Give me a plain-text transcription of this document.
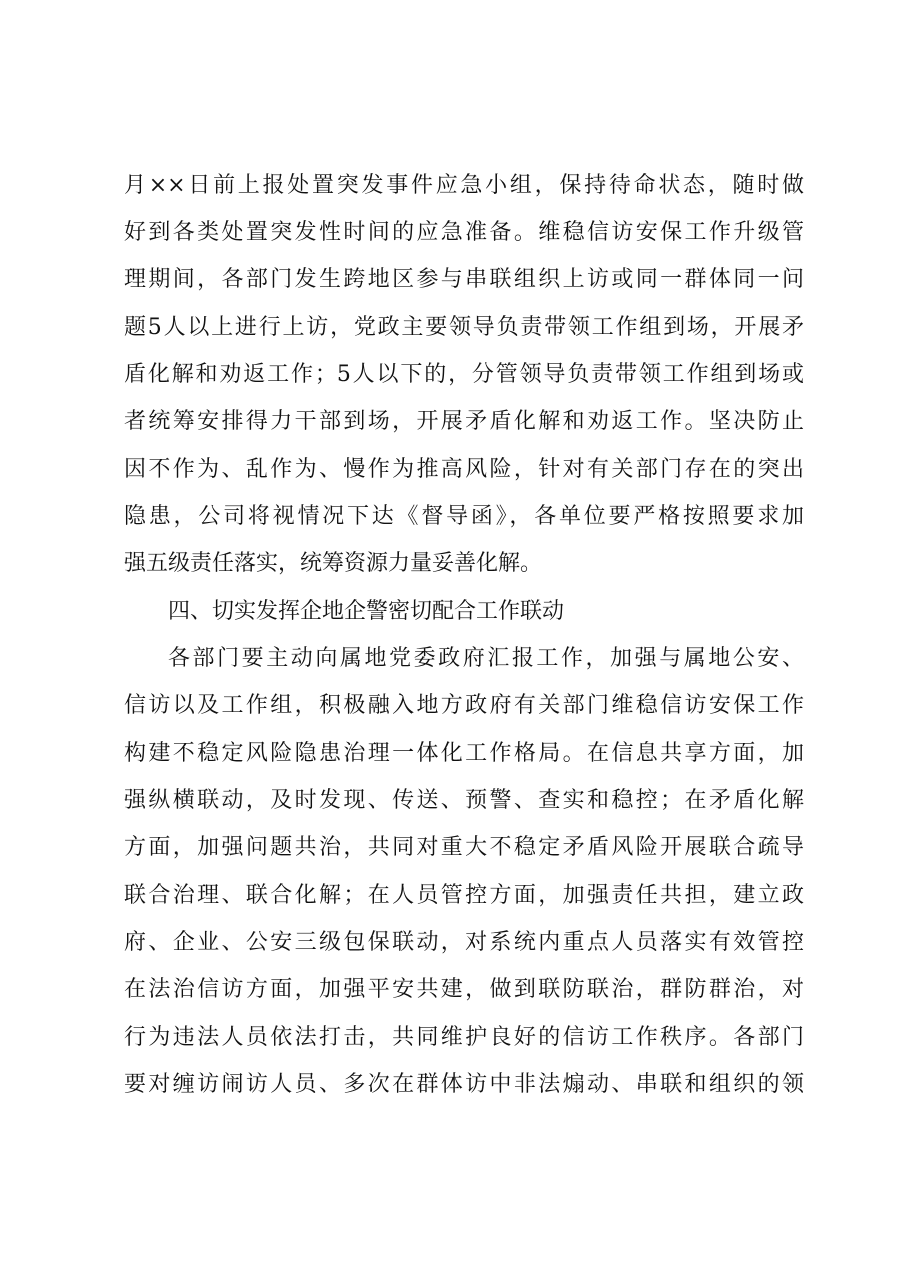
月××日前上报处置突发事件应急小组，保持待命状态，随时做
好到各类处置突发性时间的应急准备。维稳信访安保工作升级管
理期间，各部门发生跨地区参与串联组织上访或同一群体同一问
题5人以上进行上访，党政主要领导负责带领工作组到场，开展矛
盾化解和劝返工作；5人以下的，分管领导负责带领工作组到场或
者统筹安排得力干部到场，开展矛盾化解和劝返工作。坚决防止
因不作为、乱作为、慢作为推高风险，针对有关部门存在的突出
隐患，公司将视情况下达《督导函》，各单位要严格按照要求加
强五级责任落实，统筹资源力量妥善化解。
四、切实发挥企地企警密切配合工作联动
各部门要主动向属地党委政府汇报工作，加强与属地公安、
信访以及工作组，积极融入地方政府有关部门维稳信访安保工作
构建不稳定风险隐患治理一体化工作格局。在信息共享方面，加
强纵横联动，及时发现、传送、预警、查实和稳控；在矛盾化解
方面，加强问题共治，共同对重大不稳定矛盾风险开展联合疏导
联合治理、联合化解；在人员管控方面，加强责任共担，建立政
府、企业、公安三级包保联动，对系统内重点人员落实有效管控
在法治信访方面，加强平安共建，做到联防联治，群防群治，对
行为违法人员依法打击，共同维护良好的信访工作秩序。各部门
要对缠访闹访人员、多次在群体访中非法煽动、串联和组织的领
